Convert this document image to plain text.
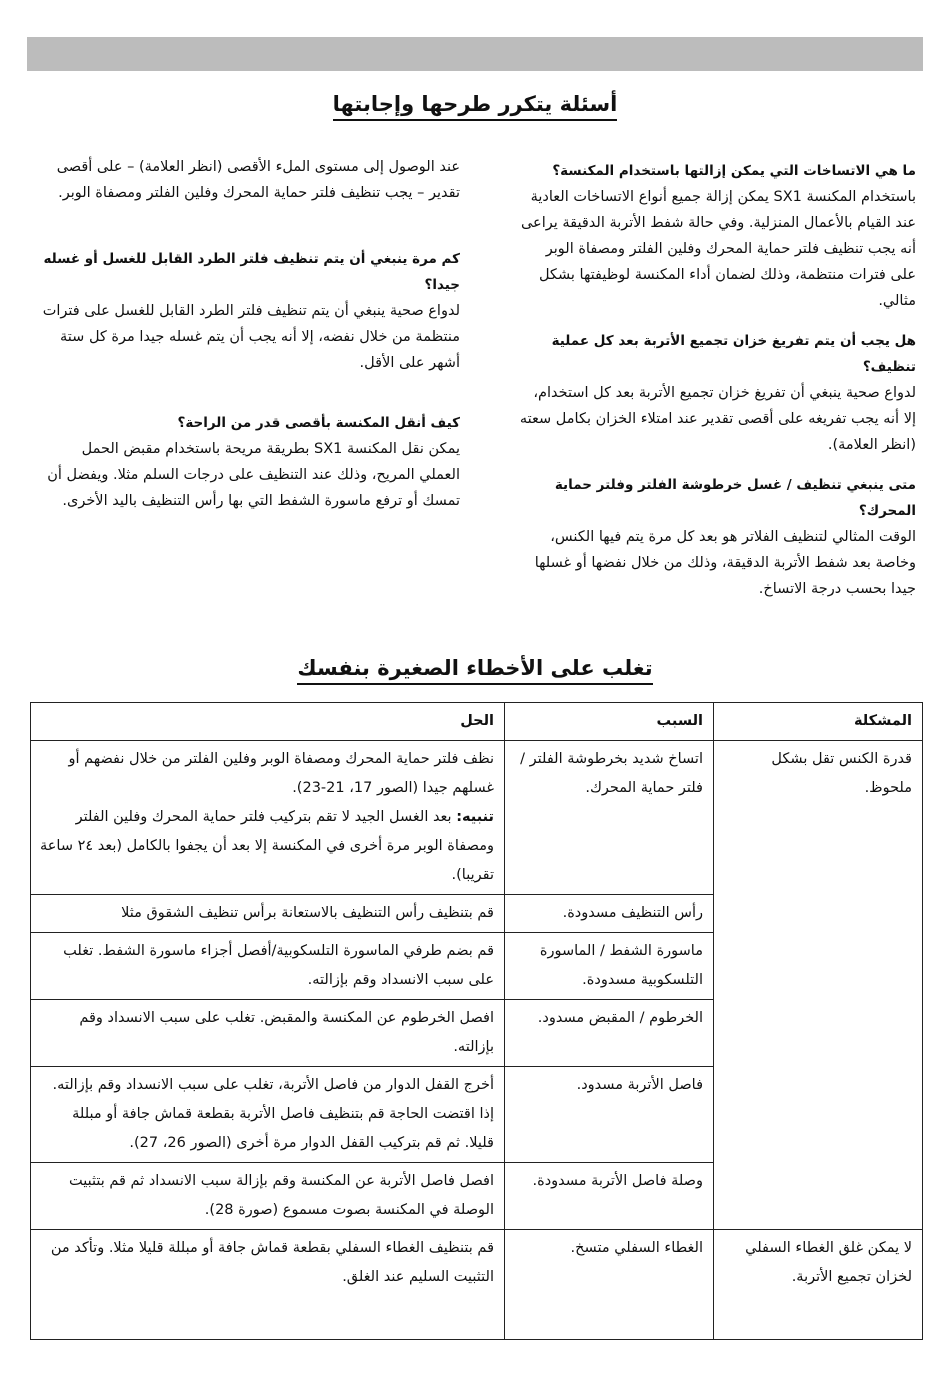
أسئلة يتكرر طرحها وإجابتها

ما هي الاتساخات التي يمكن إزالتها باستخدام المكنسة؟

باستخدام المكنسة SX1 يمكن إزالة جميع أنواع الاتساخات العادية عند القيام بالأعمال المنزلية. وفي حالة شفط الأتربة الدقيقة يراعى أنه يجب تنظيف فلتر حماية المحرك وفلين الفلتر ومصفاة الوبر على فترات منتظمة، وذلك لضمان أداء المكنسة لوظيفتها بشكل مثالي.

هل يجب أن يتم تفريغ خزان تجميع الأتربة بعد كل عملية تنظيف؟

لدواع صحية ينبغي أن تفريغ خزان تجميع الأتربة بعد كل استخدام، إلا أنه يجب تفريغه على أقصى تقدير عند امتلاء الخزان بكامل سعته (انظر العلامة).

متى ينبغي تنظيف / غسل خرطوشة الفلتر وفلتر حماية المحرك؟

الوقت المثالي لتنظيف الفلاتر هو بعد كل مرة يتم فيها الكنس، وخاصة بعد شفط الأتربة الدقيقة، وذلك من خلال نفضها أو غسلها جيدا بحسب درجة الاتساخ.

عند الوصول إلى مستوى الملء الأقصى (انظر العلامة) – على أقصى تقدير – يجب تنظيف فلتر حماية المحرك وفلين الفلتر ومصفاة الوبر.

كم مرة ينبغي أن يتم تنظيف فلتر الطرد القابل للغسل أو غسله جيدا؟

لدواع صحية ينبغي أن يتم تنظيف فلتر الطرد القابل للغسل على فترات منتظمة من خلال نفضه، إلا أنه يجب أن يتم غسله جيدا مرة كل ستة أشهر على الأقل.

كيف أنقل المكنسة بأقصى قدر من الراحة؟

يمكن نقل المكنسة SX1 بطريقة مريحة باستخدام مقبض الحمل العملي المريح، وذلك عند التنظيف على درجات السلم مثلا. ويفضل أن تمسك أو ترفع ماسورة الشفط التي بها رأس التنظيف باليد الأخرى.

تغلب على الأخطاء الصغيرة بنفسك
المشكلة	السبب	الحل
قدرة الكنس تقل بشكل ملحوظ.	اتساخ شديد بخرطوشة الفلتر / فلتر حماية المحرك.	نظف فلتر حماية المحرك ومصفاة الوبر وفلين الفلتر من خلال نفضهم أو غسلهم جيدا (الصور 17، 21-23).
تنبيه: بعد الغسل الجيد لا تقم بتركيب فلتر حماية المحرك وفلين الفلتر ومصفاة الوبر مرة أخرى في المكنسة إلا بعد أن يجفوا بالكامل (بعد ٢٤ ساعة تقريبا).
	رأس التنظيف مسدودة.	قم بتنظيف رأس التنظيف بالاستعانة برأس تنظيف الشقوق مثلا
	ماسورة الشفط / الماسورة التلسكوبية مسدودة.	قم بضم طرفي الماسورة التلسكوبية/أفصل أجزاء ماسورة الشفط. تغلب على سبب الانسداد وقم بإزالته.
	الخرطوم / المقبض مسدود.	افصل الخرطوم عن المكنسة والمقبض. تغلب على سبب الانسداد وقم بإزالته.
	فاصل الأتربة مسدود.	أخرج القفل الدوار من فاصل الأتربة، تغلب على سبب الانسداد وقم بإزالته. إذا اقتضت الحاجة قم بتنظيف فاصل الأتربة بقطعة قماش جافة أو مبللة قليلا. ثم قم بتركيب القفل الدوار مرة أخرى (الصور 26، 27).
	وصلة فاصل الأتربة مسدودة.	افصل فاصل الأتربة عن المكنسة وقم بإزالة سبب الانسداد ثم قم بتثبيت الوصلة في المكنسة بصوت مسموع (صورة 28).
لا يمكن غلق الغطاء السفلي لخزان تجميع الأتربة.	الغطاء السفلي متسخ.	قم بتنظيف الغطاء السفلي بقطعة قماش جافة أو مبللة قليلا مثلا. وتأكد من التثبيت السليم عند الغلق.
